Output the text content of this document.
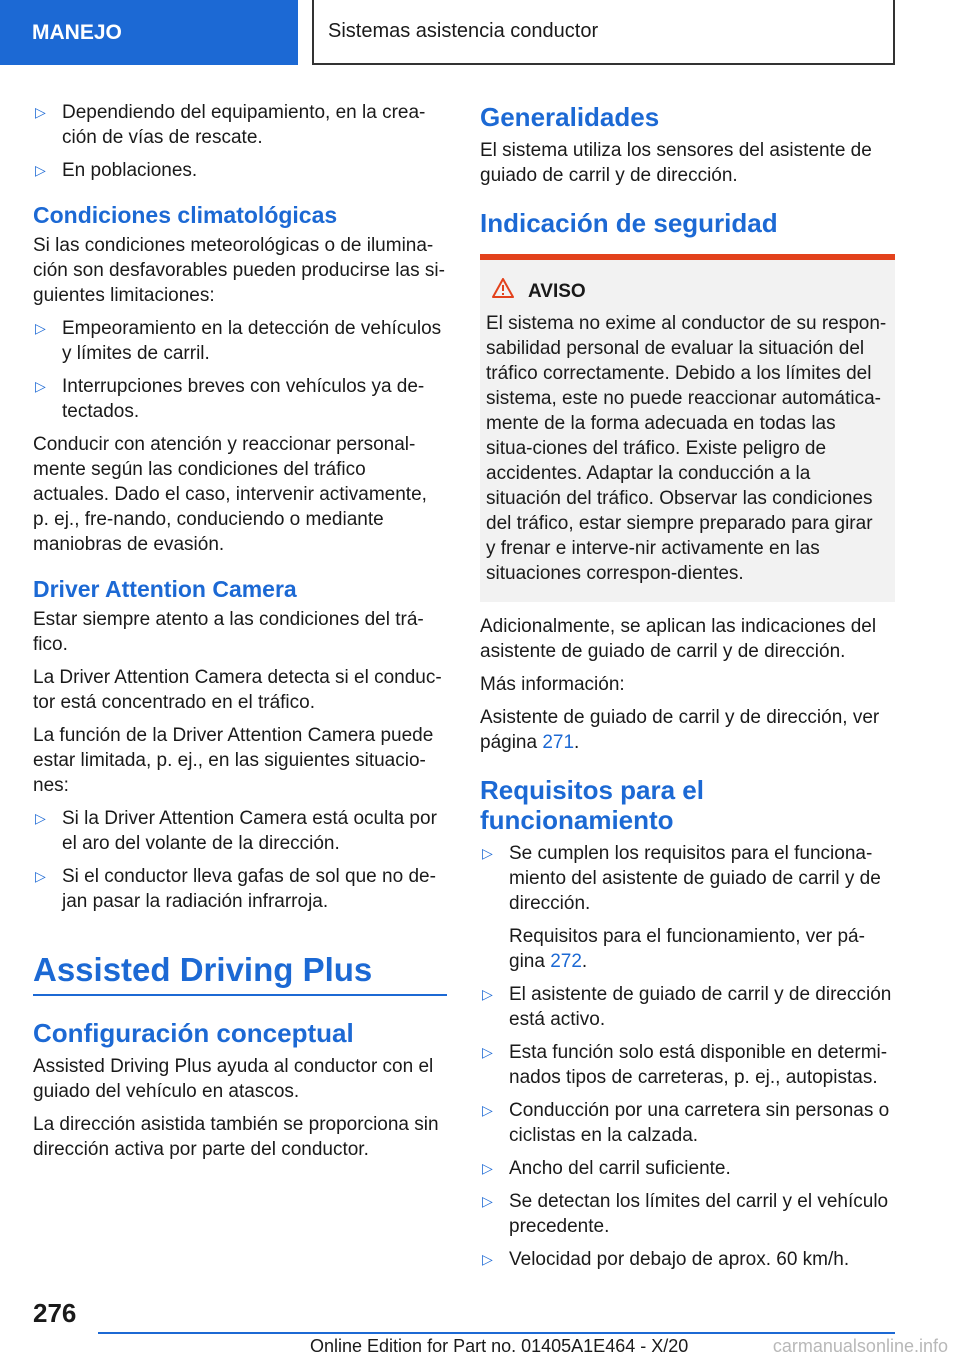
MANEJO	Sistemas asistencia conductor
▷ Dependiendo del equipamiento, en la crea-ción de vías de rescate.
▷ En poblaciones.
Condiciones climatológicas

Si las condiciones meteorológicas o de ilumina-ción son desfavorables pueden producirse las si-guientes limitaciones:

▷ Empeoramiento en la detección de vehículos y límites de carril.
▷ Interrupciones breves con vehículos ya de-tectados.

Conducir con atención y reaccionar personal-mente según las condiciones del tráfico actuales. Dado el caso, intervenir activamente, p. ej., fre-nando, conduciendo o mediante maniobras de evasión.

Driver Attention Camera

Estar siempre atento a las condiciones del trá-fico.

La Driver Attention Camera detecta si el conduc-tor está concentrado en el tráfico.

La función de la Driver Attention Camera puede estar limitada, p. ej., en las siguientes situacio-nes:

▷ Si la Driver Attention Camera está oculta por el aro del volante de la dirección.
▷ Si el conductor lleva gafas de sol que no de-jan pasar la radiación infrarroja.
Assisted Driving Plus
Configuración conceptual

Assisted Driving Plus ayuda al conductor con el guiado del vehículo en atascos.

La dirección asistida también se proporciona sin dirección activa por parte del conductor.

Generalidades

El sistema utiliza los sensores del asistente de guiado de carril y de dirección.

Indicación de seguridad
AVISO

El sistema no exime al conductor de su respon-sabilidad personal de evaluar la situación del tráfico correctamente. Debido a los límites del sistema, este no puede reaccionar automática-mente de la forma adecuada en todas las situa-ciones del tráfico. Existe peligro de accidentes. Adaptar la conducción a la situación del tráfico. Observar las condiciones del tráfico, estar siempre preparado para girar y frenar e interve-nir activamente en las situaciones correspon-dientes.

Adicionalmente, se aplican las indicaciones del asistente de guiado de carril y de dirección.

Más información:

Asistente de guiado de carril y de dirección, ver página 271.

Requisitos para el funcionamiento
▷ Se cumplen los requisitos para el funciona-miento del asistente de guiado de carril y de dirección.
Requisitos para el funcionamiento, ver pá-gina 272.
▷ El asistente de guiado de carril y de dirección está activo.
▷ Esta función solo está disponible en determi-nados tipos de carreteras, p. ej., autopistas.
▷ Conducción por una carretera sin personas o ciclistas en la calzada.
▷ Ancho del carril suficiente.
▷ Se detectan los límites del carril y el vehículo precedente.
▷ Velocidad por debajo de aprox. 60 km/h.
276
Online Edition for Part no. 01405A1E464 - X/20	carmanualsonline.info
